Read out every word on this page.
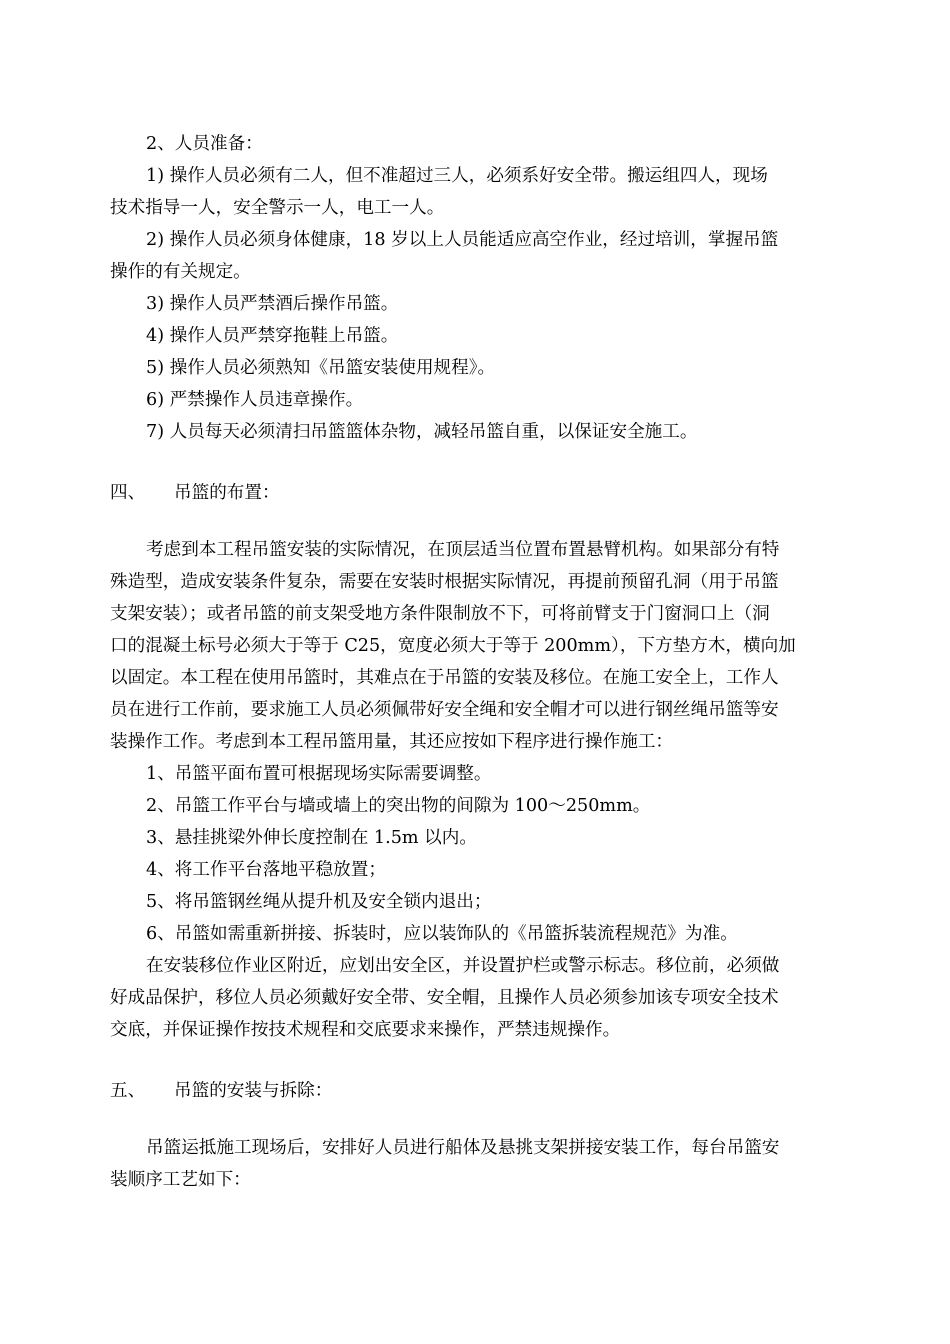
2、人员准备：

1) 操作人员必须有二人，但不准超过三人，必须系好安全带。搬运组四人，现场

技术指导一人，安全警示一人，电工一人。

2) 操作人员必须身体健康，18 岁以上人员能适应高空作业，经过培训，掌握吊篮

操作的有关规定。

3) 操作人员严禁酒后操作吊篮。

4) 操作人员严禁穿拖鞋上吊篮。

5) 操作人员必须熟知《吊篮安装使用规程》。

6) 严禁操作人员违章操作。

7) 人员每天必须清扫吊篮篮体杂物，减轻吊篮自重，以保证安全施工。

四、 吊篮的布置：

考虑到本工程吊篮安装的实际情况，在顶层适当位置布置悬臂机构。如果部分有特

殊造型，造成安装条件复杂，需要在安装时根据实际情况，再提前预留孔洞（用于吊篮

支架安装）；或者吊篮的前支架受地方条件限制放不下，可将前臂支于门窗洞口上（洞

口的混凝土标号必须大于等于 C25，宽度必须大于等于 200mm），下方垫方木，横向加

以固定。本工程在使用吊篮时，其难点在于吊篮的安装及移位。在施工安全上，工作人

员在进行工作前，要求施工人员必须佩带好安全绳和安全帽才可以进行钢丝绳吊篮等安

装操作工作。考虑到本工程吊篮用量，其还应按如下程序进行操作施工：

1、吊篮平面布置可根据现场实际需要调整。

2、吊篮工作平台与墙或墙上的突出物的间隙为 100～250mm。

3、悬挂挑梁外伸长度控制在 1.5m 以内。

4、将工作平台落地平稳放置；

5、将吊篮钢丝绳从提升机及安全锁内退出；

6、吊篮如需重新拼接、拆装时，应以装饰队的《吊篮拆装流程规范》为准。

在安装移位作业区附近，应划出安全区，并设置护栏或警示标志。移位前，必须做

好成品保护，移位人员必须戴好安全带、安全帽，且操作人员必须参加该专项安全技术

交底，并保证操作按技术规程和交底要求来操作，严禁违规操作。

五、 吊篮的安装与拆除：

吊篮运抵施工现场后，安排好人员进行船体及悬挑支架拼接安装工作，每台吊篮安

装顺序工艺如下：
